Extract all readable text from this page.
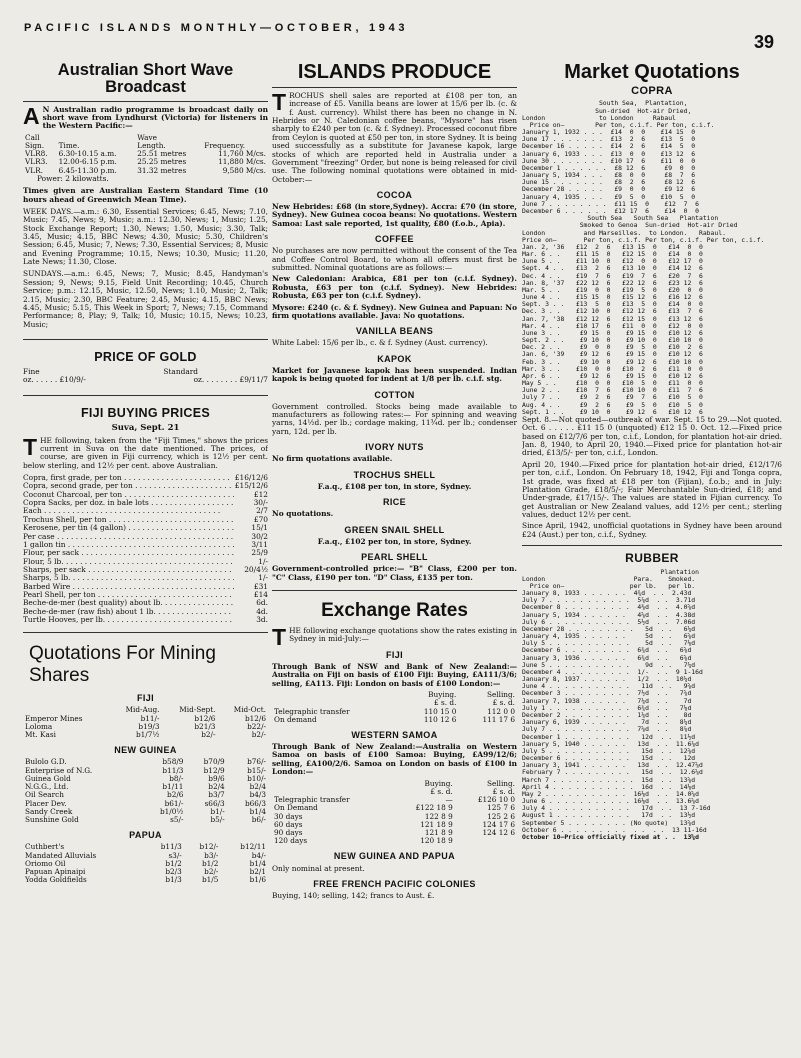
PACIFIC ISLANDS MONTHLY—OCTOBER, 1943
39
Australian Short Wave Broadcast

AN Australian radio programme is broadcast daily on short wave from Lyndhurst (Victoria) for listeners in the Western Pacific:—

Call		Wave	
Sign.	Time.	Length.	Frequency.
VLR8.	6.30-10.15 a.m.	25.51 metres	11,760 M/cs.
VLR3.	12.00-6.15 p.m.	25.25 metres	11,880 M/cs.
VLR.	6.45-11.30 p.m.	31.32 metres	9,580 M/cs.

Power: 2 kilowatts.

Times given are Australian Eastern Standard Time (10 hours ahead of Greenwich Mean Time).

WEEK DAYS.—a.m.: 6.30, Essential Services; 6.45, News; 7.10, Music; 7.45, News; 9, Music; a.m.: 12.30, News; 1, Music; 1.25, Stock Exchange Report; 1.30, News; 1.50, Music; 3.30, Talk; 3.45, Music; 4.15, BBC News; 4.30, Music; 5.30, Children's Session; 6.45, Music; 7, News; 7.30, Essential Services; 8, Music and Evening Programme; 10.15, News; 10.30, Music; 11.20, Late News; 11.30, Close.

SUNDAYS.—a.m.: 6.45, News; 7, Music; 8.45, Handyman's Session; 9, News; 9.15, Field Unit Recording; 10.45, Church Service; p.m.: 12.15, Music, 12.50, News; 1.10, Music; 2, Talk; 2.15, Music; 2.30, BBC Feature; 2.45, Music; 4.15, BBC News; 4.45, Music; 5.15, This Week in Sport; 7, News; 7.15, Command Performance; 8, Play; 9, Talk; 10, Music; 10.15, News; 10.23, Music;

PRICE OF GOLD
Fine	Standard
oz. . . . . . £10/9/-	oz. . . . . . . . £9/11/7
FIJI BUYING PRICES
Suva, Sept. 21

THE following, taken from the "Fiji Times," shows the prices current in Suva on the date mentioned. The prices, of course, are given in Fiji currency, which is 12½ per cent. below sterling, and 12½ per cent. above Australian.

Copra, first grade, per ton . . .	£16/12/6
Copra, second grade, per ton . . .	£15/12/6
Coconut Charcoal, per ton . . .	£12
Copra Sacks, per doz. in bale lots . . .	30/-
Each . . .	2/7
Trochus Shell, per ton . . .	£70
Kerosene, per tin (4 gallon) . . .	15/1
Per case . . .	30/2
1 gallon tin . . .	3/11
Flour, per sack . . .	25/9
Flour, 5 lb. . . .	1/-
Sharps, per sack . . .	20/4½
Sharps, 5 lb. . . .	1/-
Barbed Wire . . .	£31
Pearl Shell, per ton . . .	£14
Beche-de-mer (best quality) about lb. . . .	6d.
Beche-de-mer (raw fish) about 1 lb. . . .	4d.
Turtle Hooves, per lb. . . .	3d.
Quotations For Mining Shares
FIJI
	Mid-Aug.	Mid-Sept.	Mid-Oct.
Emperor Mines	b11/-	b12/6	b12/6
Loloma	b19/3	b21/3	b22/-
Mt. Kasi	b1/7½	b2/-	b2/-
NEW GUINEA
Bulolo G.D.	b58/9	b70/9	b76/-
Enterprise of N.G.	b11/3	b12/9	b15/-
Guinea Gold	b8/-	b9/6	b10/-
N.G.G., Ltd.	b1/11	b2/4	b2/4
Oil Search	b2/6	b3/7	b4/3
Placer Dev.	b61/-	s66/3	b66/3
Sandy Creek	b1/0½	b1/-	b1/4
Sunshine Gold	s5/-	b5/-	b6/-
PAPUA
Cuthbert's	b11/3	b12/-	b12/11
Mandated Alluvials	s3/-	b3/-	b4/-
Oriomo Oil	b1/2	b1/2	b1/4
Papuan Apinaipi	b2/3	b2/-	b2/1
Yodda Goldfields	b1/3	b1/5	b1/6
ISLANDS PRODUCE

TROCHUS shell sales are reported at £108 per ton, an increase of £5. Vanilla beans are lower at 15/6 per lb. (c. & f. Aust. currency). Whilst there has been no change in N. Hebrides or N. Caledonian coffee beans, "Mysore" has risen sharply to £240 per ton (c. & f. Sydney). Processed coconut fibre from Ceylon is quoted at £50 per ton, in store Sydney. It is being used successfully as a substitute for Javanese kapok, large stocks of which are reported held in Australia under a Government "freezing" Order, but none is being released for civil use. The following nominal quotations were obtained in mid-October:—

COCOA

New Hebrides: £68 (in store,Sydney). Accra: £70 (in store, Sydney). New Guinea cocoa beans: No quotations. Western Samoa: Last sale reported, 1st quality, £80 (f.o.b., Apia).

COFFEE

No purchases are now permitted without the consent of the Tea and Coffee Control Board, to whom all offers must first be submitted. Nominal quotations are as follows:—

New Caledonian: Arabica, £81 per ton (c.i.f. Sydney). Robusta, £63 per ton (c.i.f. Sydney). New Hebrides: Robusta, £63 per ton (c.i.f. Sydney).

Mysore: £240 (c. & f. Sydney). New Guinea and Papuan: No firm quotations available. Java: No quotations.

VANILLA BEANS

White Label: 15/6 per lb., c. & f. Sydney (Aust. currency).

KAPOK

Market for Javanese kapok has been suspended. Indian kapok is being quoted for indent at 1/8 per lb. c.i.f. stg.

COTTON

Government controlled. Stocks being made available to manufacturers as following rates:— For spinning and weaving yarns, 14½d. per lb.; cordage making, 11¾d. per lb.; condenser yarn, 12d. per lb.

IVORY NUTS

No firm quotations available.

TROCHUS SHELL

F.a.q., £108 per ton, in store, Sydney.

RICE

No quotations.

GREEN SNAIL SHELL

F.a.q., £102 per ton, in store, Sydney.

PEARL SHELL

Government-controlled price:— "B" Class, £200 per ton. "C" Class, £190 per ton. "D" Class, £135 per ton.

Exchange Rates

THE following exchange quotations show the rates existing in Sydney in mid-July:—

FIJI

Through Bank of NSW and Bank of New Zealand:—Australia on Fiji on basis of £100 Fiji: Buying, £A111/3/6; selling, £A113. Fiji: London on basis of £100 London:—

	Buying.	Selling.
	£ s. d.	£ s. d.
Telegraphic transfer	110 15 0	112 0 0
On demand	110 12 6	111 17 6
WESTERN SAMOA

Through Bank of New Zealand:—Australia on Western Samoa on basis of £100 Samoa: Buying, £A99/12/6; selling, £A100/2/6. Samoa on London on basis of £100 in London:—

	Buying.	Selling.
	£ s. d.	£ s. d.
Telegraphic transfer	—	£126 10 0
On Demand	£122 18 9	125 7 6
30 days	122 8 9	125 2 6
60 days	121 18 9	124 17 6
90 days	121 8 9	124 12 6
120 days	120 18 9	
NEW GUINEA AND PAPUA

Only nominal at present.

FREE FRENCH PACIFIC COLONIES

Buying, 140; selling, 142; francs to Aust. £.

Market Quotations
COPRA
South Sea,  Plantation,
Sun-dried  Hot-air Dried,
London              to London     Rabaul
Price on—        Per ton, c.i.f. Per ton, c.i.f.
January 1, 1932 . . .  £14  0  0    £14 15  0
June 17 . . . . . . .  £13  2  6    £13  5  0
December 16 . . . . .  £14  2  6    £14  5  0
January 6, 1933 . . .  £13  0  0    £13 12  6
June 30 . . . . . . .  £10 17  6    £11  0  0
December 1 . . . . . .  £8 12  6     £9  0  0
January 5, 1934 . . .   £8  0  0     £8  7  6
June 15 . . . . . . .   £8  2  6     £8 12  6
December 28 . . . . .   £9  0  0     £9 12  6
January 4, 1935 . . .   £9  5  0    £10  5  0
June 7 . . . . . . . .  £11 15  0    £12  7  6
December 6 . . . . . .  £12 17  6    £14  0  0
South Sea   South Sea   Plantation
Smoked to Genoa  Sun-dried  Hot-air Dried
London          and Marseilles.  to London.   Rabaul.
Price on—       Per ton, c.i.f. Per ton, c.i.f. Per ton, c.i.f.
Jan. 2, '36   £12  2  6   £13 15  0   £14  0  0
Mar. 6 . .    £11 15  0   £12 15  0   £14  0  0
June 5 . .    £11 10  0   £12  0  0   £12 17  0
Sept. 4 . .   £13  2  6   £13 10  0   £14 12  6
Dec. 4 . .    £19  7  6   £19  7  6   £20  7  6
Jan. 8, '37   £22 12  6   £22 12  6   £23 12  6
Mar. 5 . .    £19  0  0   £19  5  0   £20  0  0
June 4 . .    £15 15  0   £15 12  6   £16 12  6
Sept. 3 . .   £13  5  0   £13  5  0   £14  0  0
Dec. 3 . .    £12 10  0   £12 12  6   £13  7  6
Jan. 7, '38   £12 12  6   £12 15  0   £13 12  6
Mar. 4 . .    £10 17  6   £11  0  0   £12  0  0
June 3 . .     £9 15  0    £9 15  0   £10 12  6
Sept. 2 . .    £9 10  0    £9 10  0   £10 10  0
Dec. 2 . .     £9  0  0    £9  5  0   £10  2  6
Jan. 6, '39    £9 12  6    £9 15  0   £10 12  6
Feb. 3 . .     £9 10  0    £9 12  6   £10 10  0
Mar. 3 . .    £10  0  0   £10  2  6   £11  0  0
Apr. 6 . .     £9 12  6    £9 15  0   £10 12  6
May 5 . .     £10  0  0   £10  5  0   £11  0  0
June 2 . .    £10  7  6   £10 10  0   £11  7  6
July 7 . .     £9  2  6    £9  7  6   £10  5  0
Aug. 4 . .     £9  2  6    £9  5  0   £10  5  0
Sept. 1 . .    £9 10  0    £9 12  6   £10 12  6

Sept. 8.—Not quoted—outbreak of war. Sept. 15 to 29.—Not quoted. Oct. 6 . . . . . £11 15 0 (unquoted) £12 15 0. Oct. 12.—Fixed price based on £12/7/6 per ton, c.i.f., London, for plantation hot-air dried. Jan. 8, 1940, to April 20, 1940.—Fixed price for plantation hot-air dried, £13/5/- per ton, c.i.f., London.

April 20, 1940.—Fixed price for plantation hot-air dried, £12/17/6 per ton, c.i.f., London. On February 18, 1942, Fiji and Tonga copra, 1st grade, was fixed at £18 per ton (Fijian), f.o.b.; and in July: Plantation Grade, £18/5/-; Fair Merchantable Sun-dried, £18; and Under-grade, £17/15/-. The values are stated in Fijian currency. To get Australian or New Zealand values, add 12½ per cent.; sterling values, deduct 12½ per cent.

Since April, 1942, unofficial quotations in Sydney have been around £24 (Aust.) per ton, c.i.f., Sydney.

RUBBER
Plantation
London                       Para.    Smoked.
Price on—                 per lb.   per lb.
January 8, 1933 . . . . . .  4¾d  . .  2.43d
July 7 . . . . . . . . . . .  5⅞d  . .  3.71d
December 8 . . . . . . . . .  4⅜d  . .  4.0⅝d
January 5, 1934 . . . . . .   4⅝d  . .  4.38d
July 6 . . . . . . . . . . .  5½d  . .  7.06d
December 28 . . . . . . . . .   5d  . .   6¼d
January 4, 1935 . . . . . .     5d  . .   6⅝d
July 5 . . . . . . . . . . .    5d  . .   7⅛d
December 6 . . . . . . . . .  6¾d  . .   6⅝d
January 3, 1936 . . . . . .   6¾d  . .   6⅝d
June 5 . . . . . . . . . . .    9d  . .   7¼d
December 4 . . . . . . . . .  1/-  . .  9 1-16d
January 8, 1937 . . . . . .   1/2  . .  10¼d
June 4 . . . . . . . . . . .   11d  . .   9⅝d
December 3 . . . . . . . . .  7½d  . .   7⅝d
January 7, 1938 . . . . . .   7¼d  . .    7d
July 1 . . . . . . . . . . .  6¾d  . .   7⅛d
December 2 . . . . . . . . .  1¼d  . .    8d
January 6, 1939 . . . . . .    7d  . .   8¼d
July 7 . . . . . . . . . . .  7⅝d  . .   8⅞d
December 1 . . . . . . . . .   12d  . .  11½d
January 5, 1940 . . . . . .   13d  . .  11.6⅞d
July 5 . . . . . . . . . . .   15d  . .  12⅝d
December 6 . . . . . . . . .   15d  . .   12d
January 3, 1941 . . . . . .   13d  . .  12.47⅝d
February 7 . . . . . . . . .   15d  . .  12.6⅝d
March 7 . . . . . . . . . . .  15d  . .  13⅝d
April 4 . . . . . . . . . . .  16d  . .  14⅛d
May 2 . . . . . . . . . . .  16⅛d  . .  14.0⅝d
June 6 . . . . . . . . . . . 16⅛d  . .  13.6⅝d
July 4 . . . . . . . . . . .   17d  . .  13 7-16d
August 1 . . . . . . . . . .   17d  . .  13½d
September 5 . . . . . . . . (No quote)   13⅝d
October 6 . . . . . . . . .  . .  . .  13 11-16d
October 10—Price officially fixed at . .  13⅝d
